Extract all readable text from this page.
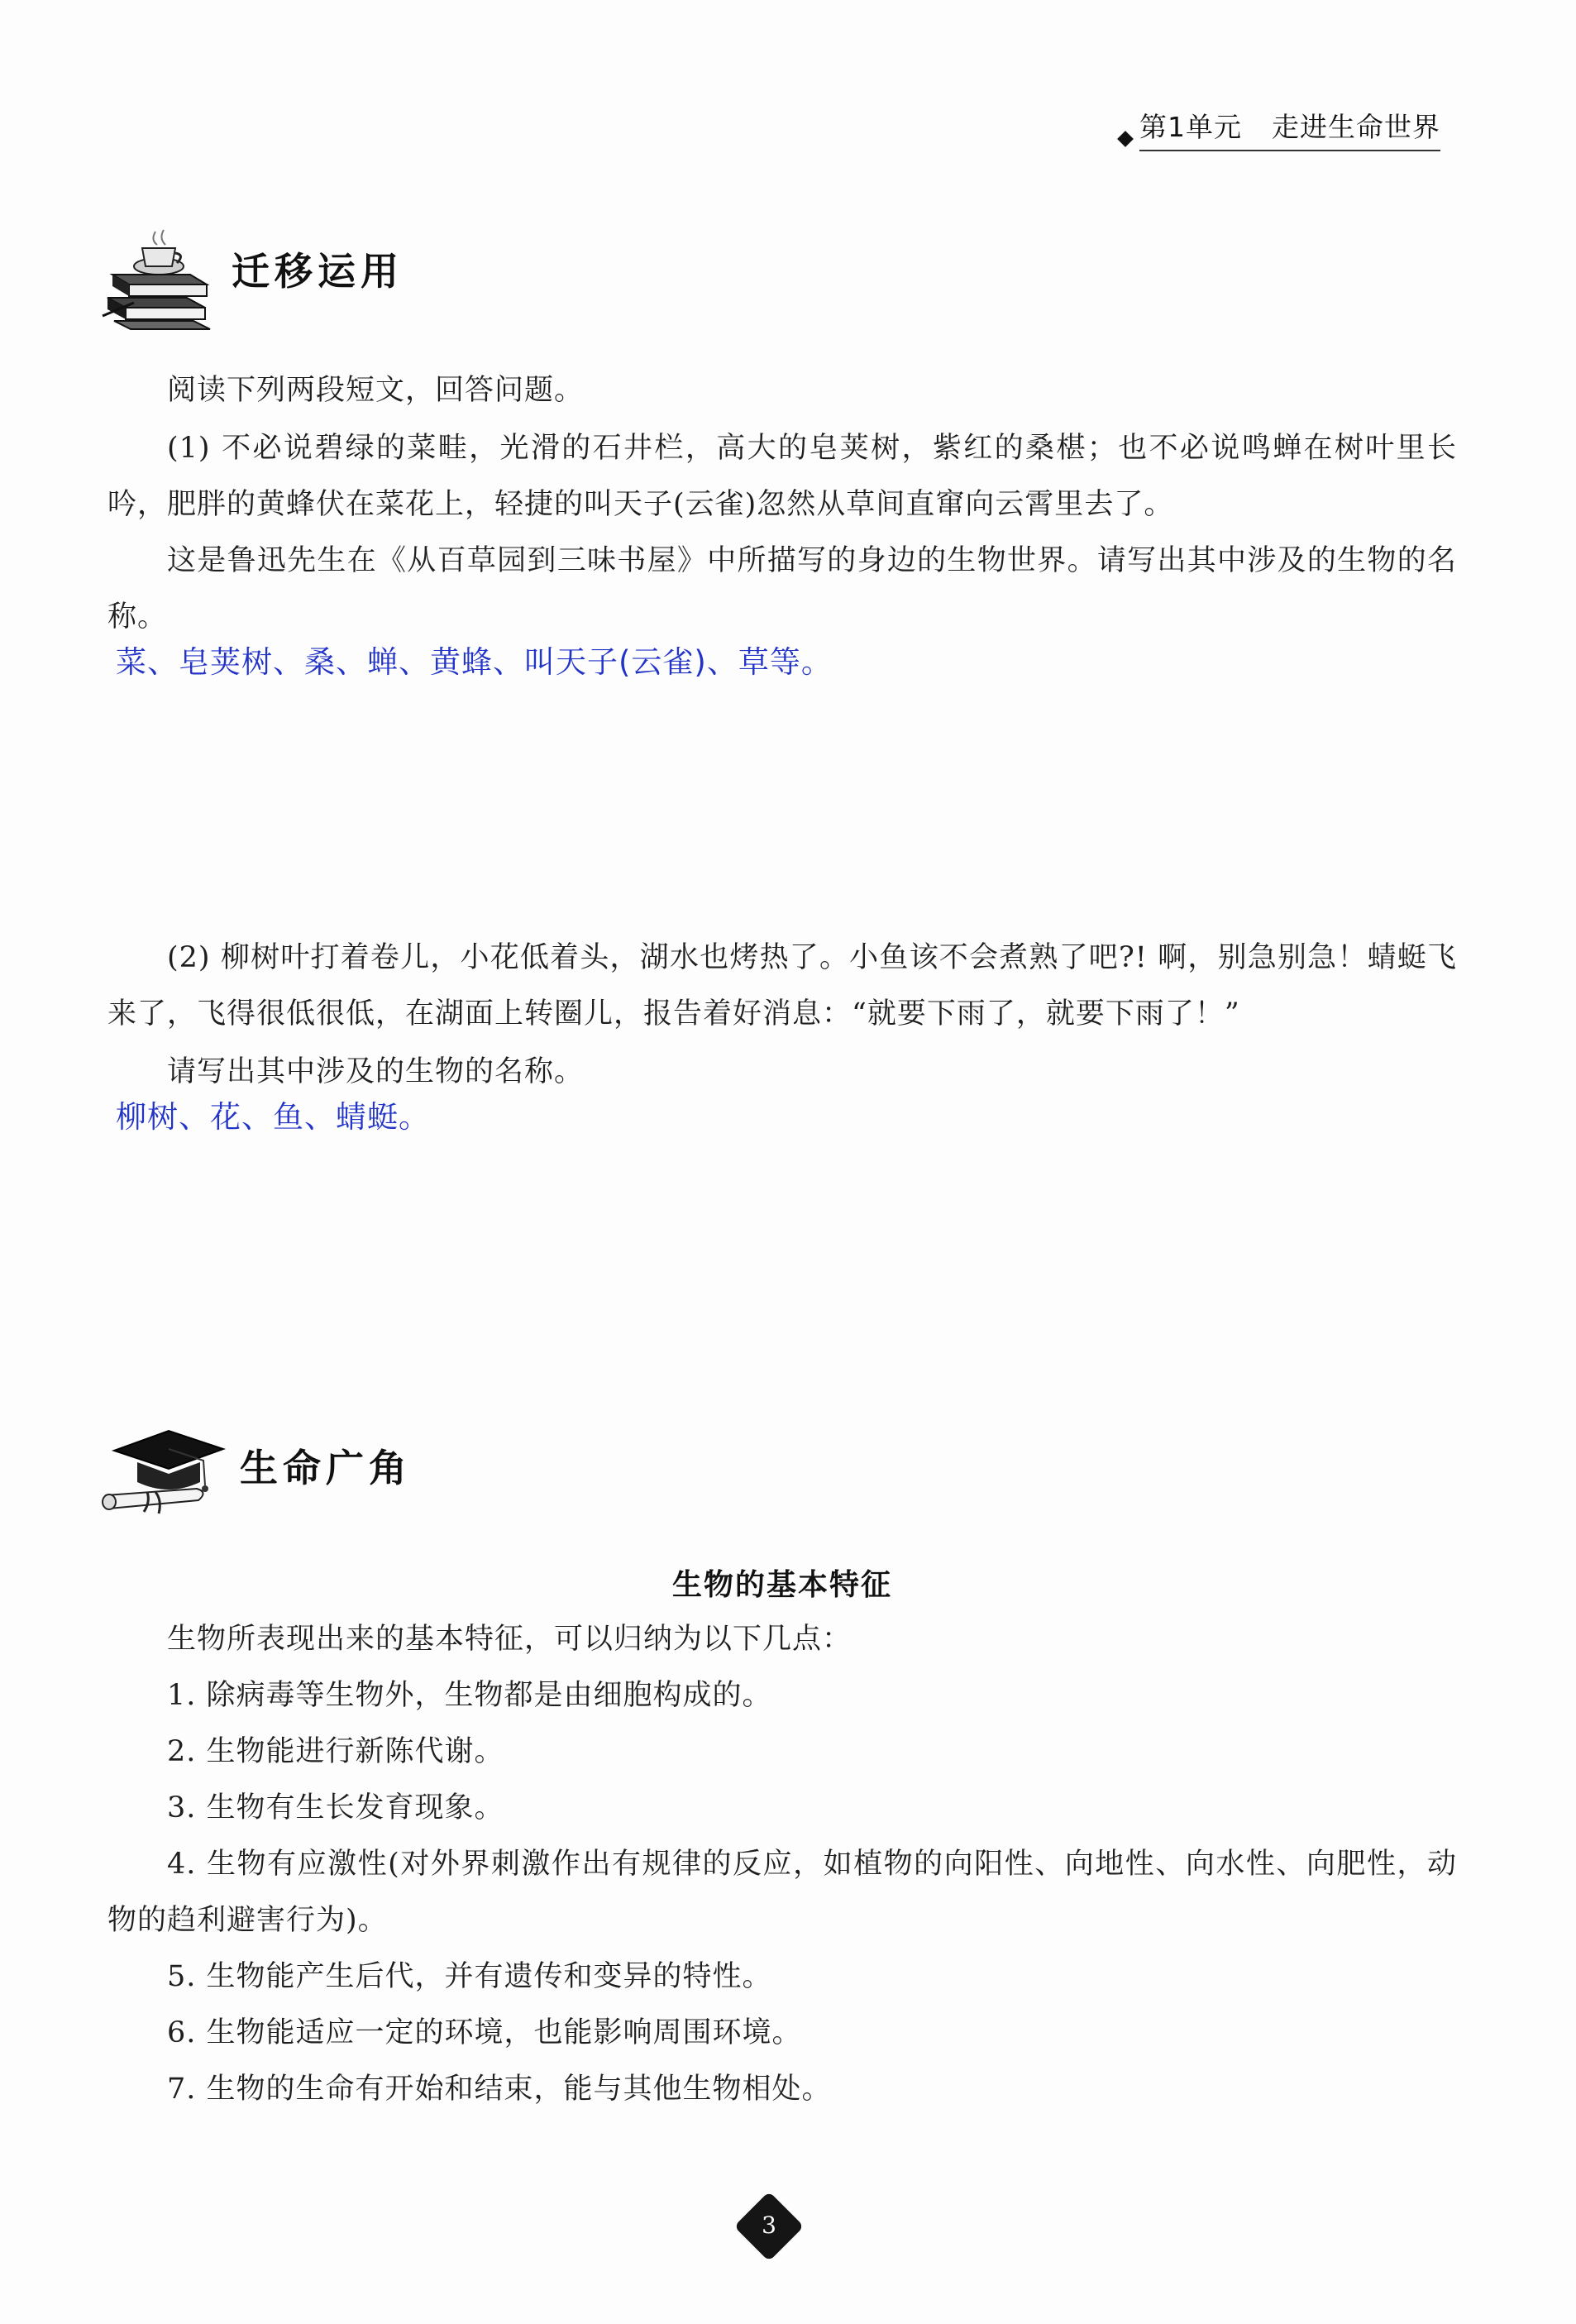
第1单元 走进生命世界
迁移运用
阅读下列两段短文，回答问题。
(1) 不必说碧绿的菜畦，光滑的石井栏，高大的皂荚树，紫红的桑椹；也不必说鸣蝉在树叶里长吟，肥胖的黄蜂伏在菜花上，轻捷的叫天子(云雀)忽然从草间直窜向云霄里去了。
这是鲁迅先生在《从百草园到三味书屋》中所描写的身边的生物世界。请写出其中涉及的生物的名称。
菜、皂荚树、桑、蝉、黄蜂、叫天子(云雀)、草等。
(2) 柳树叶打着卷儿，小花低着头，湖水也烤热了。小鱼该不会煮熟了吧?! 啊，别急别急！蜻蜓飞来了，飞得很低很低，在湖面上转圈儿，报告着好消息：“就要下雨了，就要下雨了！”
请写出其中涉及的生物的名称。
柳树、花、鱼、蜻蜓。
生命广角
生物的基本特征
生物所表现出来的基本特征，可以归纳为以下几点：
1. 除病毒等生物外，生物都是由细胞构成的。
2. 生物能进行新陈代谢。
3. 生物有生长发育现象。
4. 生物有应激性(对外界刺激作出有规律的反应，如植物的向阳性、向地性、向水性、向肥性，动物的趋利避害行为)。
5. 生物能产生后代，并有遗传和变异的特性。
6. 生物能适应一定的环境，也能影响周围环境。
7. 生物的生命有开始和结束，能与其他生物相处。
3
